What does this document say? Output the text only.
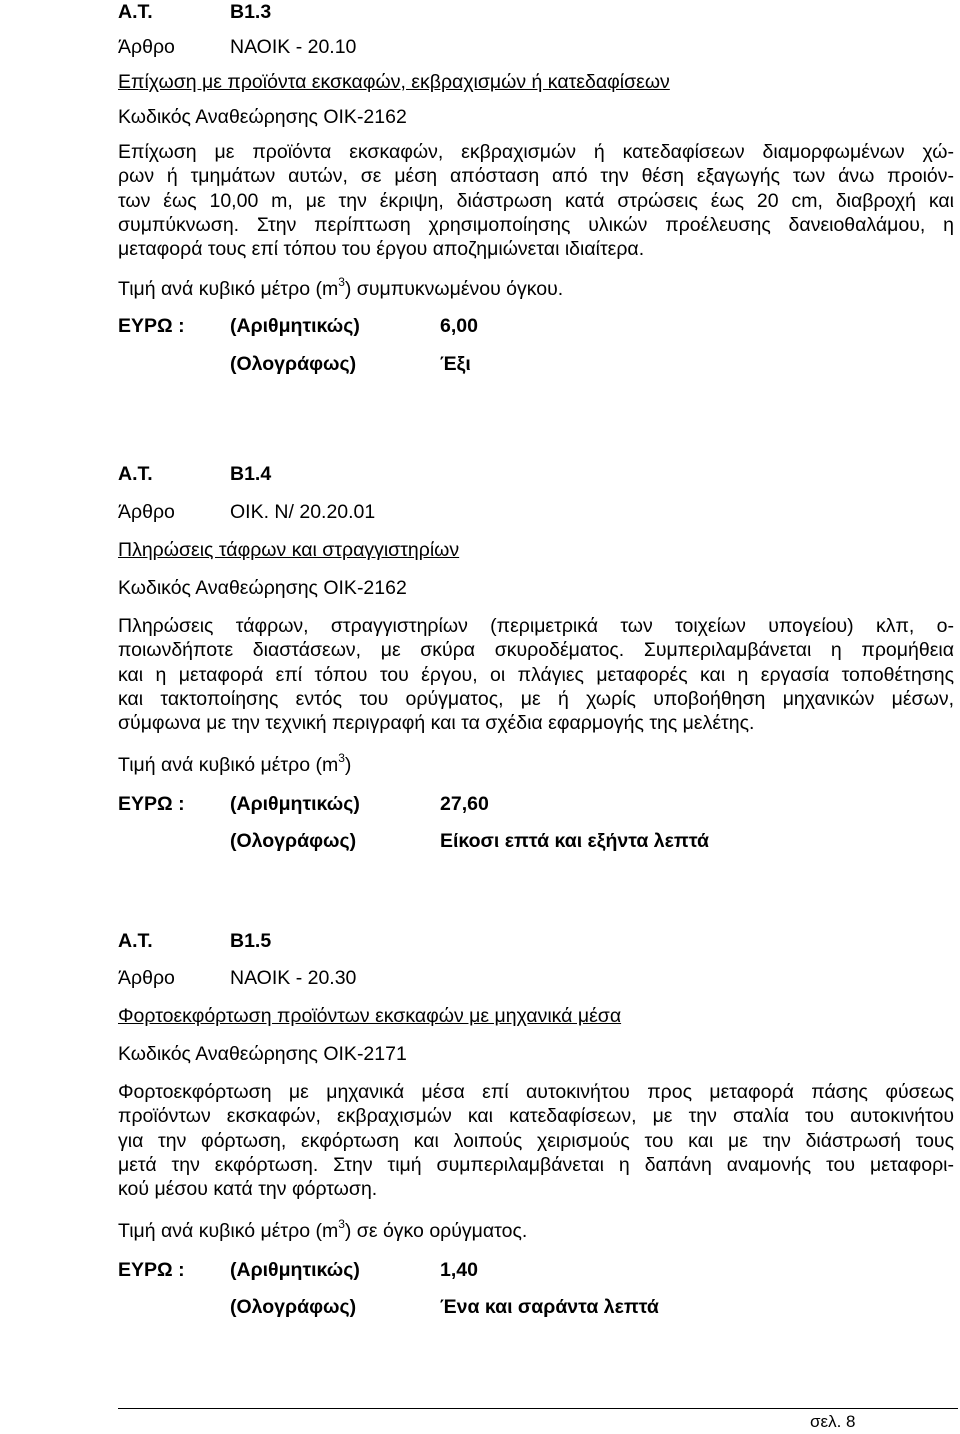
Α.Τ.	Β1.3
Άρθρο	ΝΑΟΙΚ - 20.10
Επίχωση με προϊόντα εκσκαφών, εκβραχισμών ή κατεδαφίσεων
Κωδικός Αναθεώρησης ΟΙΚ-2162
Επίχωση με προϊόντα εκσκαφών, εκβραχισμών ή κατεδαφίσεων διαμορφωμένων χώ-
ρων ή τμημάτων αυτών, σε μέση απόσταση από την θέση εξαγωγής των άνω προιόν-
των έως 10,00 m, με την έκριψη, διάστρωση κατά στρώσεις έως 20 cm, διαβροχή και
συμπύκνωση. Στην περίπτωση χρησιμοποίησης υλικών προέλευσης δανειοθαλάμου, η
μεταφορά τους επί τόπου του έργου αποζημιώνεται ιδιαίτερα.
Τιμή ανά κυβικό μέτρο $(m^3)$ συμπυκνωμένου όγκου.
ΕΥΡΩ : (Αριθμητικώς)	6,00
(Ολογράφως)	Έξι
Α.Τ.	Β1.4
Άρθρο	ΟΙΚ. Ν/ 20.20.01
Πληρώσεις τάφρων και στραγγιστηρίων
Κωδικός Αναθεώρησης ΟΙΚ-2162
Πληρώσεις τάφρων, στραγγιστηρίων (περιμετρικά των τοιχείων υπογείου) κλπ, ο-
ποιωνδήποτε διαστάσεων, με σκύρα σκυροδέματος. Συμπεριλαμβάνεται η προμήθεια
και η μεταφορά επί τόπου του έργου, οι πλάγιες μεταφορές και η εργασία τοποθέτησης
και τακτοποίησης εντός του ορύγματος, με ή χωρίς υποβοήθηση μηχανικών μέσων,
σύμφωνα με την τεχνική περιγραφή και τα σχέδια εφαρμογής της μελέτης.
Τιμή ανά κυβικό μέτρο $(m^3)$
ΕΥΡΩ : (Αριθμητικώς)	27,60
(Ολογράφως)	Είκοσι επτά και εξήντα λεπτά
Α.Τ.	Β1.5
Άρθρο	ΝΑΟΙΚ - 20.30
Φορτοεκφόρτωση προϊόντων εκσκαφών με μηχανικά μέσα
Κωδικός Αναθεώρησης ΟΙΚ-2171
Φορτοεκφόρτωση με μηχανικά μέσα επί αυτοκινήτου προς μεταφορά πάσης φύσεως
προϊόντων εκσκαφών, εκβραχισμών και κατεδαφίσεων, με την σταλία του αυτοκινήτου
για την φόρτωση, εκφόρτωση και λοιπούς χειρισμούς του και με την διάστρωσή τους
μετά την εκφόρτωση. Στην τιμή συμπεριλαμβάνεται η δαπάνη αναμονής του μεταφορι-
κού μέσου κατά την φόρτωση.
Τιμή ανά κυβικό μέτρο $(m^3)$ σε όγκο ορύγματος.
ΕΥΡΩ : (Αριθμητικώς)	1,40
(Ολογράφως)	Ένα και σαράντα λεπτά
σελ. 8
